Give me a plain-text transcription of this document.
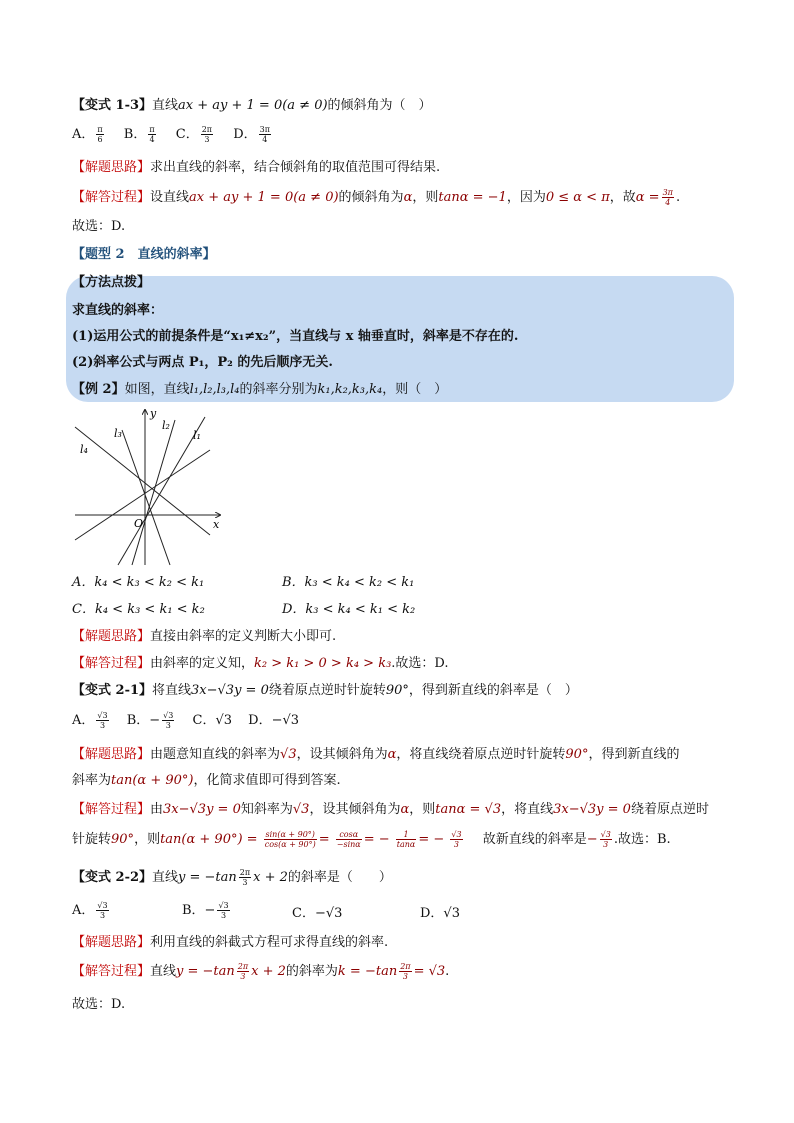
【变式 1-3】直线ax + ay + 1 = 0(a ≠ 0)的倾斜角为（　）
A． $\frac{\pi}{6}$ B． $\frac{\pi}{4}$ C． $\frac{2\pi}{3}$ D． $\frac{3\pi}{4}$
【解题思路】求出直线的斜率，结合倾斜角的取值范围可得结果.
【解答过程】设直线ax + ay + 1 = 0(a ≠ 0)的倾斜角为α，则tanα = −1，因为0 ≤ α < π，故$\alpha = \frac{3\pi}{4}$ .
故选：D.
【题型 2　直线的斜率】
【方法点拨】
求直线的斜率：
(1)运用公式的前提条件是“x₁≠x₂”，当直线与 x 轴垂直时，斜率是不存在的.
(2)斜率公式与两点 P₁，P₂ 的先后顺序无关.
【例 2】如图，直线l₁,l₂,l₃,l₄的斜率分别为k₁,k₂,k₃,k₄，则（　）
y
x
O
l₁
l₂
l₃
l₄
A．k₄ < k₃ < k₂ < k₁	B．k₃ < k₄ < k₂ < k₁
C．k₄ < k₃ < k₁ < k₂	D．k₃ < k₄ < k₁ < k₂
【解题思路】直接由斜率的定义判断大小即可.
【解答过程】由斜率的定义知，k₂ > k₁ > 0 > k₄ > k₃.故选：D.
【变式 2-1】将直线3x−√3y = 0绕着原点逆时针旋转90°，得到新直线的斜率是（　）
A． $\frac{√3}{3}$ B．− $\frac{√3}{3}$ C．√3 D．−√3
【解题思路】由题意知直线的斜率为√3，设其倾斜角为α，将直线绕着原点逆时针旋转90°，得到新直线的
斜率为tan(α + 90°)，化简求值即可得到答案.
【解答过程】由3x−√3y = 0知斜率为√3，设其倾斜角为α，则tanα = √3，将直线3x−√3y = 0绕着原点逆时
针旋转90°，则$\tan(\alpha + 90^\circ) = \frac{\sin(\alpha + 90^\circ)}{\cos(\alpha + 90^\circ)} = \frac{\cos\alpha}{-\sin\alpha}$ = − $\frac{1}{\tan\alpha}$ = − $\frac{√3}{3}$ 故新直线的斜率是− $\frac{√3}{3}$ .故选：B.
【变式 2-2】直线$y = -\tan \frac{2\pi}{3}$ x + 2的斜率是（　　）
A． $\frac{√3}{3}$	B．− $\frac{√3}{3}$	C．−√3	D．√3
【解题思路】利用直线的斜截式方程可求得直线的斜率.
【解答过程】直线$y = -\tan \frac{2\pi}{3}$ x + 2的斜率为$k = -\tan \frac{2\pi}{3} = √3$.
故选：D.
